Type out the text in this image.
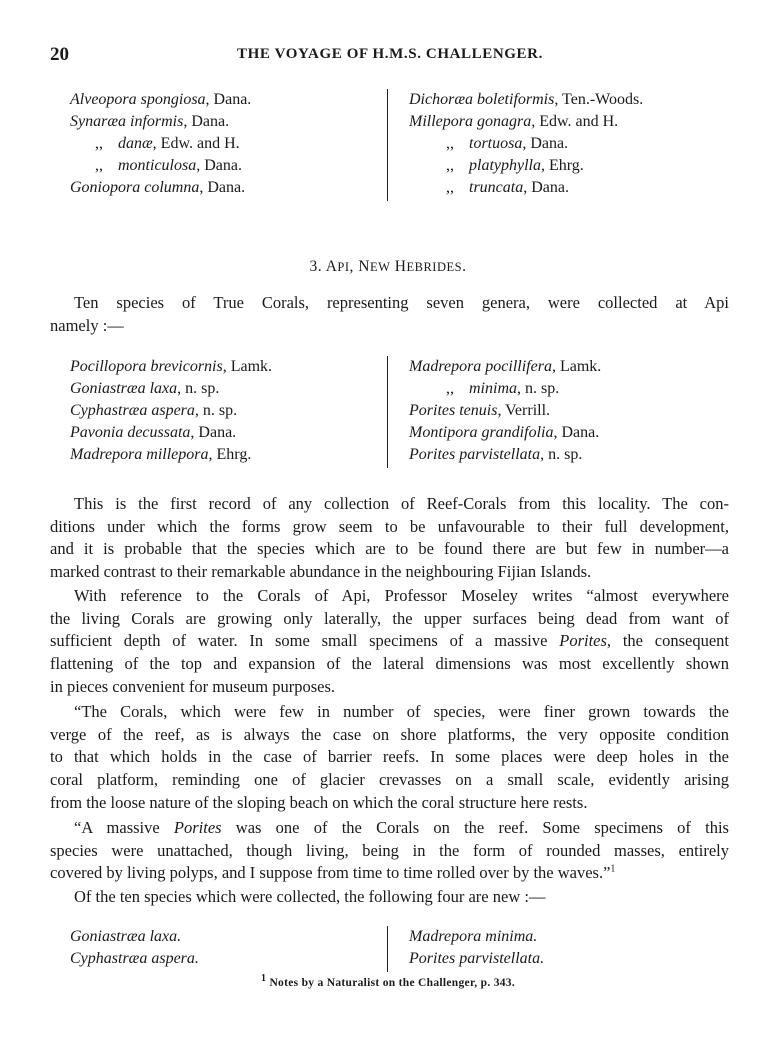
20	THE VOYAGE OF H.M.S. CHALLENGER.
Alveopora spongiosa, Dana.
Synaræa informis, Dana.
,, danæ, Edw. and H.
,, monticulosa, Dana.
Goniopora columna, Dana.
Dichoræa boletiformis, Ten.-Woods.
Millepora gonagra, Edw. and H.
,, tortuosa, Dana.
,, platyphylla, Ehrg.
,, truncata, Dana.
3. API, NEW HEBRIDES.
Ten species of True Corals, representing seven genera, were collected at Api
namely :—
Pocillopora brevicornis, Lamk.
Goniastræa laxa, n. sp.
Cyphastræa aspera, n. sp.
Pavonia decussata, Dana.
Madrepora millepora, Ehrg.
Madrepora pocillifera, Lamk.
,, minima, n. sp.
Porites tenuis, Verrill.
Montipora grandifolia, Dana.
Porites parvistellata, n. sp.
This is the first record of any collection of Reef-Corals from this locality. The con-
ditions under which the forms grow seem to be unfavourable to their full development,
and it is probable that the species which are to be found there are but few in number—a
marked contrast to their remarkable abundance in the neighbouring Fijian Islands.
With reference to the Corals of Api, Professor Moseley writes “almost everywhere
the living Corals are growing only laterally, the upper surfaces being dead from want of
sufficient depth of water. In some small specimens of a massive Porites, the consequent
flattening of the top and expansion of the lateral dimensions was most excellently shown
in pieces convenient for museum purposes.
“The Corals, which were few in number of species, were finer grown towards the
verge of the reef, as is always the case on shore platforms, the very opposite condition
to that which holds in the case of barrier reefs. In some places were deep holes in the
coral platform, reminding one of glacier crevasses on a small scale, evidently arising
from the loose nature of the sloping beach on which the coral structure here rests.
“A massive Porites was one of the Corals on the reef. Some specimens of this
species were unattached, though living, being in the form of rounded masses, entirely
covered by living polyps, and I suppose from time to time rolled over by the waves.”$^1$
Of the ten species which were collected, the following four are new :—
Goniastræa laxa.
Cyphastræa aspera.
Madrepora minima.
Porites parvistellata.
$^1$ Notes by a Naturalist on the Challenger, p. 343.
